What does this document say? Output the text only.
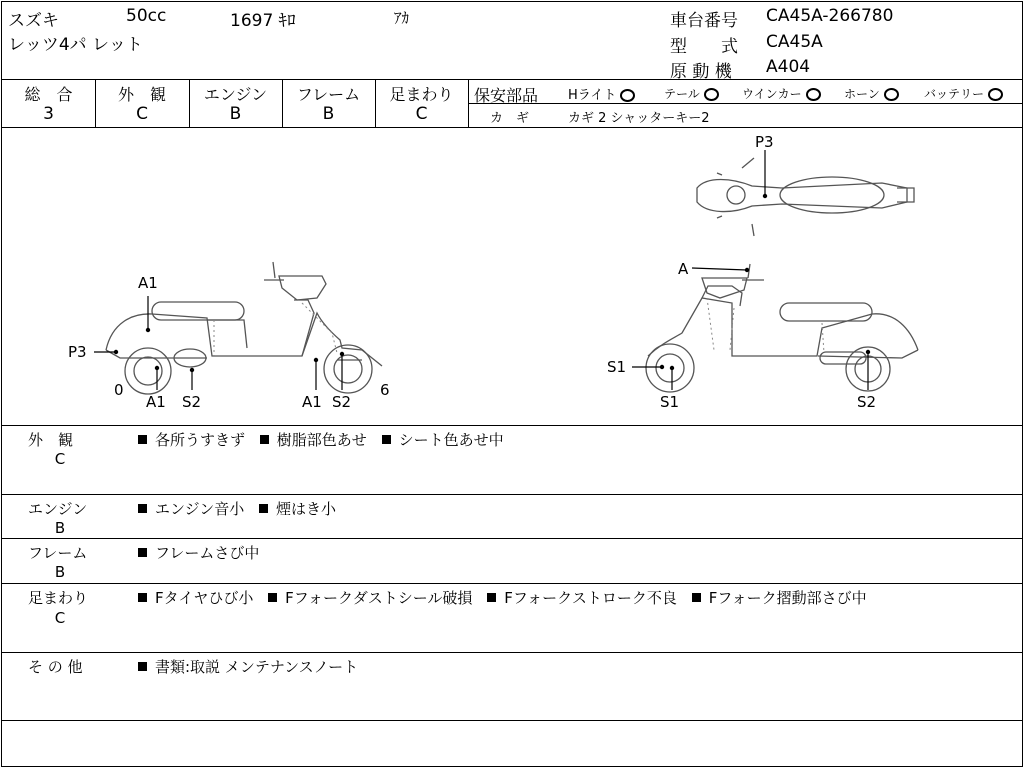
スズキ	50cc	1697 ｷﾛ	ｱｶ
レッツ4パ レット
車台番号 CA45A-266780
型　　式 CA45A
原 動 機 A404
総　合
3
外　観
C
エンジン
B
フレーム
B
足まわり
C
保安部品 Hライト	テール	ウインカー	ホーン	バッテリー
カ　ギ	カギ 2 シャッターキー2
A1
P3
0
A1 S2	A1 S2
6
P3
A
S1
S1	S2
外　観
C
各所うすきず 樹脂部色あせ シート色あせ中
エンジン
B
エンジン音小 煙はき小
フレーム
B
フレームさび中
足まわり
C
Fタイヤひび小 Fフォークダストシール破損 Fフォークストローク不良 Fフォーク摺動部さび中
そ の 他	書類:取説 メンテナンスノート
